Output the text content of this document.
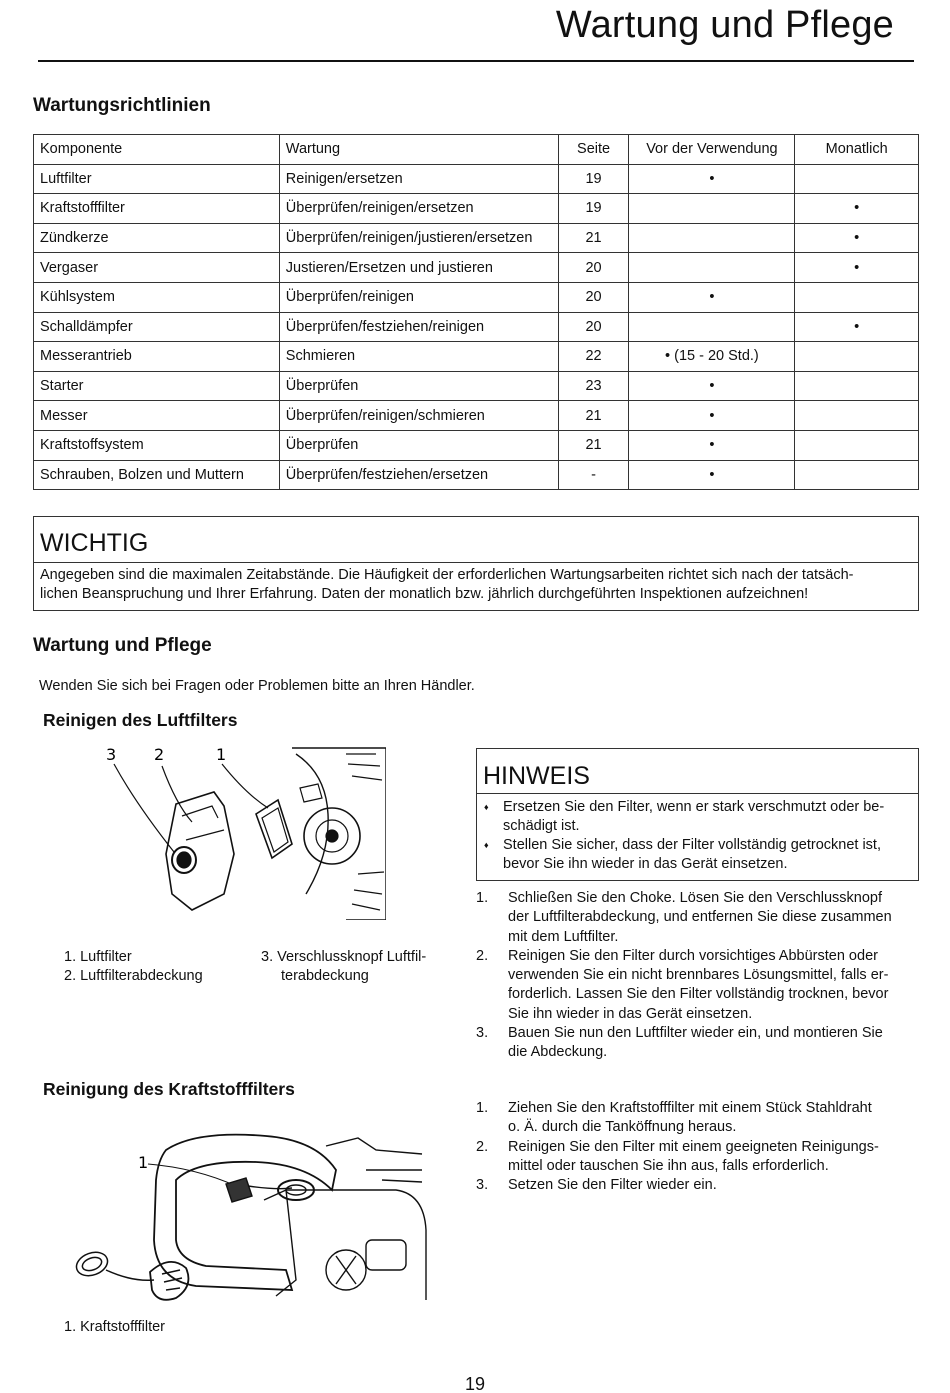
Wartung und Pflege
Wartungsrichtlinien
Komponente	Wartung	Seite	Vor der Verwendung	Monatlich
Luftfilter	Reinigen/ersetzen	19	•	
Kraftstofffilter	Überprüfen/reinigen/ersetzen	19		•
Zündkerze	Überprüfen/reinigen/justieren/ersetzen	21		•
Vergaser	Justieren/Ersetzen und justieren	20		•
Kühlsystem	Überprüfen/reinigen	20	•	
Schalldämpfer	Überprüfen/festziehen/reinigen	20		•
Messerantrieb	Schmieren	22	• (15 - 20 Std.)	
Starter	Überprüfen	23	•	
Messer	Überprüfen/reinigen/schmieren	21	•	
Kraftstoffsystem	Überprüfen	21	•	
Schrauben, Bolzen und Muttern	Überprüfen/festziehen/ersetzen	-	•	
WICHTIG
Angegeben sind die maximalen Zeitabstände. Die Häufigkeit der erforderlichen Wartungsarbeiten richtet sich nach der tatsäch-
lichen Beanspruchung und Ihrer Erfahrung. Daten der monatlich bzw. jährlich durchgeführten Inspektionen aufzeichnen!
Wartung und Pflege
Wenden Sie sich bei Fragen oder Problemen bitte an Ihren Händler.
Reinigen des Luftfilters
3 2	1
1. Luftfilter
2. Luftfilterabdeckung
3. Verschlussknopf Luftfil-
terabdeckung
HINWEIS
♦ Ersetzen Sie den Filter, wenn er stark verschmutzt oder be-
schädigt ist.
♦ Stellen Sie sicher, dass der Filter vollständig getrocknet ist,
bevor Sie ihn wieder in das Gerät einsetzen.
1. Schließen Sie den Choke. Lösen Sie den Verschlussknopf
der Luftfilterabdeckung, und entfernen Sie diese zusammen
mit dem Luftfilter.
2. Reinigen Sie den Filter durch vorsichtiges Abbürsten oder
verwenden Sie ein nicht brennbares Lösungsmittel, falls er-
forderlich. Lassen Sie den Filter vollständig trocknen, bevor
Sie ihn wieder in das Gerät einsetzen.
3. Bauen Sie nun den Luftfilter wieder ein, und montieren Sie
die Abdeckung.
Reinigung des Kraftstofffilters
1
1. Kraftstofffilter
1. Ziehen Sie den Kraftstofffilter mit einem Stück Stahldraht
o. Ä. durch die Tanköffnung heraus.
2. Reinigen Sie den Filter mit einem geeigneten Reinigungs-
mittel oder tauschen Sie ihn aus, falls erforderlich.
3. Setzen Sie den Filter wieder ein.
19
